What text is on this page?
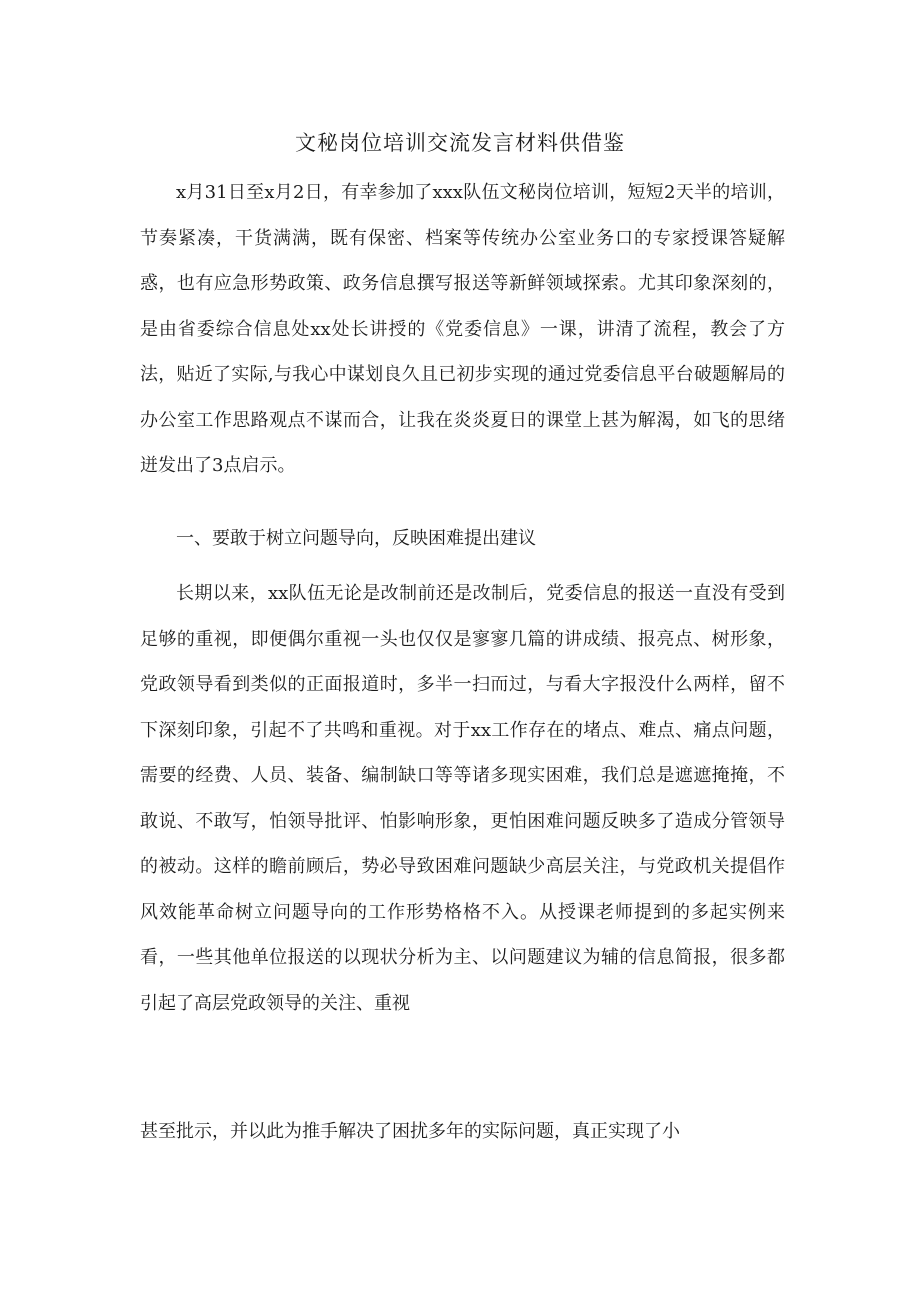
文秘岗位培训交流发言材料供借鉴
x月31日至x月2日，有幸参加了xxx队伍文秘岗位培训，短短2天半的培训，节奏紧凑，干货满满，既有保密、档案等传统办公室业务口的专家授课答疑解惑，也有应急形势政策、政务信息撰写报送等新鲜领域探索。尤其印象深刻的，是由省委综合信息处xx处长讲授的《党委信息》一课，讲清了流程，教会了方法，贴近了实际,与我心中谋划良久且已初步实现的通过党委信息平台破题解局的办公室工作思路观点不谋而合，让我在炎炎夏日的课堂上甚为解渴，如飞的思绪迸发出了3点启示。
一、要敢于树立问题导向，反映困难提出建议
长期以来，xx队伍无论是改制前还是改制后，党委信息的报送一直没有受到足够的重视，即便偶尔重视一头也仅仅是寥寥几篇的讲成绩、报亮点、树形象，党政领导看到类似的正面报道时，多半一扫而过，与看大字报没什么两样，留不下深刻印象，引起不了共鸣和重视。对于xx工作存在的堵点、难点、痛点问题，需要的经费、人员、装备、编制缺口等等诸多现实困难，我们总是遮遮掩掩，不敢说、不敢写，怕领导批评、怕影响形象，更怕困难问题反映多了造成分管领导的被动。这样的瞻前顾后，势必导致困难问题缺少高层关注，与党政机关提倡作风效能革命树立问题导向的工作形势格格不入。从授课老师提到的多起实例来看，一些其他单位报送的以现状分析为主、以问题建议为辅的信息简报，很多都引起了高层党政领导的关注、重视
甚至批示，并以此为推手解决了困扰多年的实际问题，真正实现了小
